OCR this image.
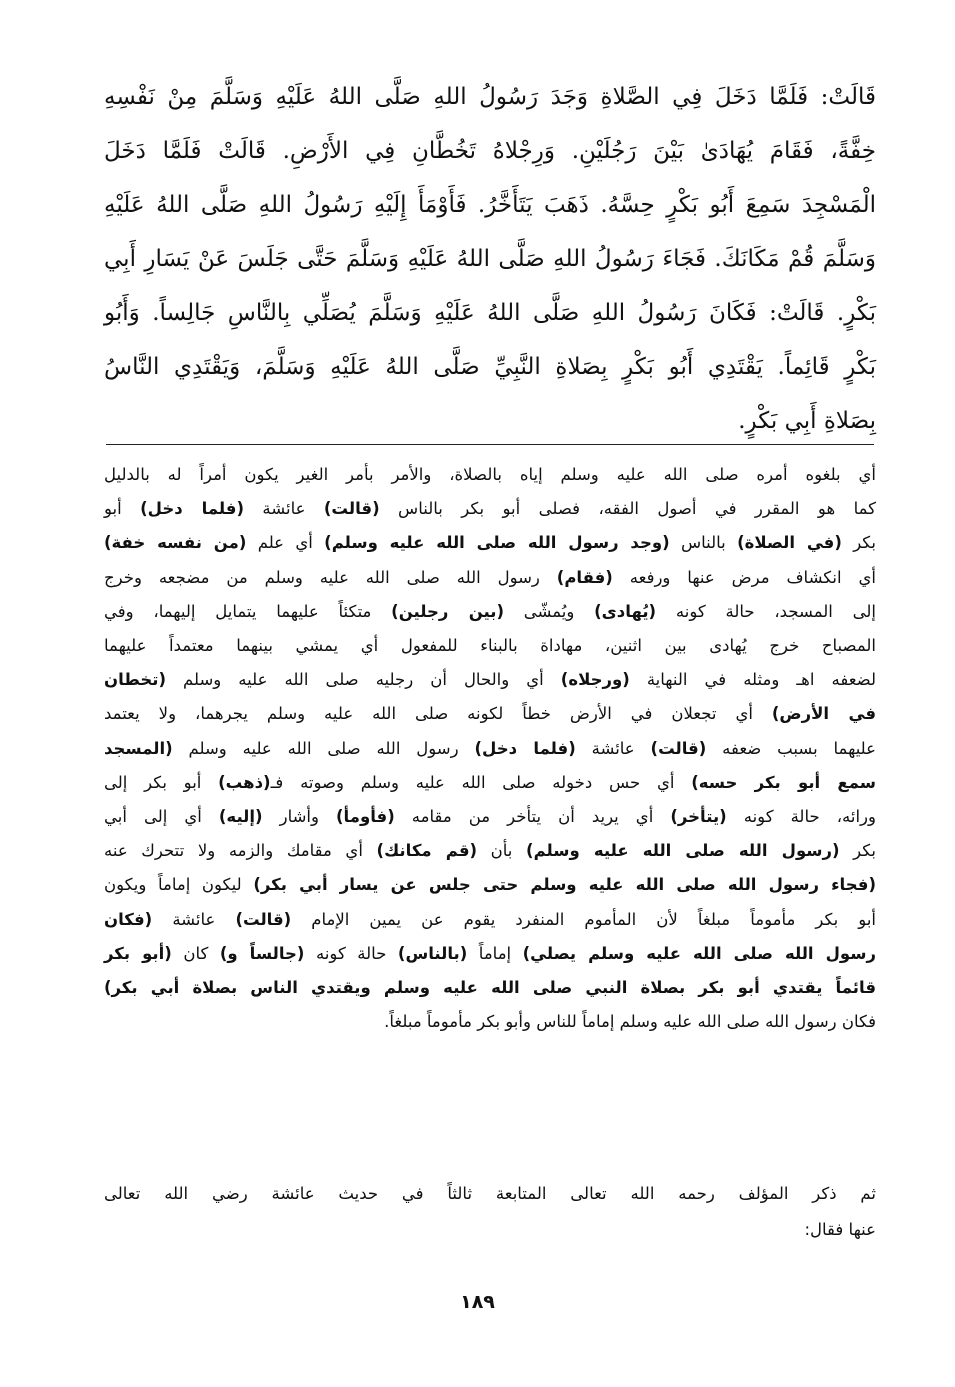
قَالَتْ: فَلَمَّا دَخَلَ فِي الصَّلاةِ وَجَدَ رَسُولُ اللهِ صَلَّى اللهُ عَلَيْهِ وَسَلَّمَ مِنْ نَفْسِهِ
خِفَّةً، فَقَامَ يُهَادَىٰ بَيْنَ رَجُلَيْنِ. وَرِجْلاهُ تَخُطَّانِ فِي الأَرْضِ. قَالَتْ فَلَمَّا دَخَلَ
الْمَسْجِدَ سَمِعَ أَبُو بَكْرٍ حِسَّهُ. ذَهَبَ يَتَأَخَّرُ. فَأَوْمَأَ إِلَيْهِ رَسُولُ اللهِ صَلَّى اللهُ عَلَيْهِ
وَسَلَّمَ قُمْ مَكَانَكَ. فَجَاءَ رَسُولُ اللهِ صَلَّى اللهُ عَلَيْهِ وَسَلَّمَ حَتَّى جَلَسَ عَنْ يَسَارِ أَبِي
بَكْرٍ. قَالَتْ: فَكَانَ رَسُولُ اللهِ صَلَّى اللهُ عَلَيْهِ وَسَلَّمَ يُصَلِّي بِالنَّاسِ جَالِساً. وَأَبُو
بَكْرٍ قَائِماً. يَقْتَدِي أَبُو بَكْرٍ بِصَلاةِ النَّبِيِّ صَلَّى اللهُ عَلَيْهِ وَسَلَّمَ، وَيَقْتَدِي النَّاسُ
بِصَلاةِ أَبِي بَكْرٍ.

أي بلغوه أمره صلى الله عليه وسلم إياه بالصلاة، والأمر بأمر الغير يكون أمراً له بالدليل
كما هو المقرر في أصول الفقه، فصلى أبو بكر بالناس (قالت) عائشة (فلما دخل) أبو
بكر (في الصلاة) بالناس (وجد رسول الله صلى الله عليه وسلم) أي علم (من نفسه خفة)
أي انكشاف مرض عنها ورفعه (فقام) رسول الله صلى الله عليه وسلم من مضجعه وخرج
إلى المسجد، حالة كونه (يُهادى) ويُمشّى (بين رجلين) متكئاً عليهما يتمايل إليهما، وفي
المصباح خرج يُهادى بين اثنين، مهاداة بالبناء للمفعول أي يمشي بينهما معتمداً عليهما
لضعفه اهـ ومثله في النهاية (ورجلاه) أي والحال أن رجليه صلى الله عليه وسلم (تخطان
في الأرض) أي تجعلان في الأرض خطاً لكونه صلى الله عليه وسلم يجرهما، ولا يعتمد
عليهما بسبب ضعفه (قالت) عائشة (فلما دخل) رسول الله صلى الله عليه وسلم (المسجد
سمع أبو بكر حسه) أي حس دخوله صلى الله عليه وسلم وصوته فـ(ذهب) أبو بكر إلى
ورائه، حالة كونه (يتأخر) أي يريد أن يتأخر من مقامه (فأومأ) وأشار (إليه) أي إلى أبي
بكر (رسول الله صلى الله عليه وسلم) بأن (قم مكانك) أي مقامك والزمه ولا تتحرك عنه
(فجاء رسول الله صلى الله عليه وسلم حتى جلس عن يسار أبي بكر) ليكون إماماً ويكون
أبو بكر مأموماً مبلغاً لأن المأموم المنفرد يقوم عن يمين الإمام (قالت) عائشة (فكان
رسول الله صلى الله عليه وسلم يصلي) إماماً (بالناس) حالة كونه (جالساً و) كان (أبو بكر
قائماً يقتدي أبو بكر بصلاة النبي صلى الله عليه وسلم ويقتدي الناس بصلاة أبي بكر)
فكان رسول الله صلى الله عليه وسلم إماماً للناس وأبو بكر مأموماً مبلغاً.
ثم ذكر المؤلف رحمه الله تعالى المتابعة ثالثاً في حديث عائشة رضي الله تعالى
عنها فقال:
١٨٩
